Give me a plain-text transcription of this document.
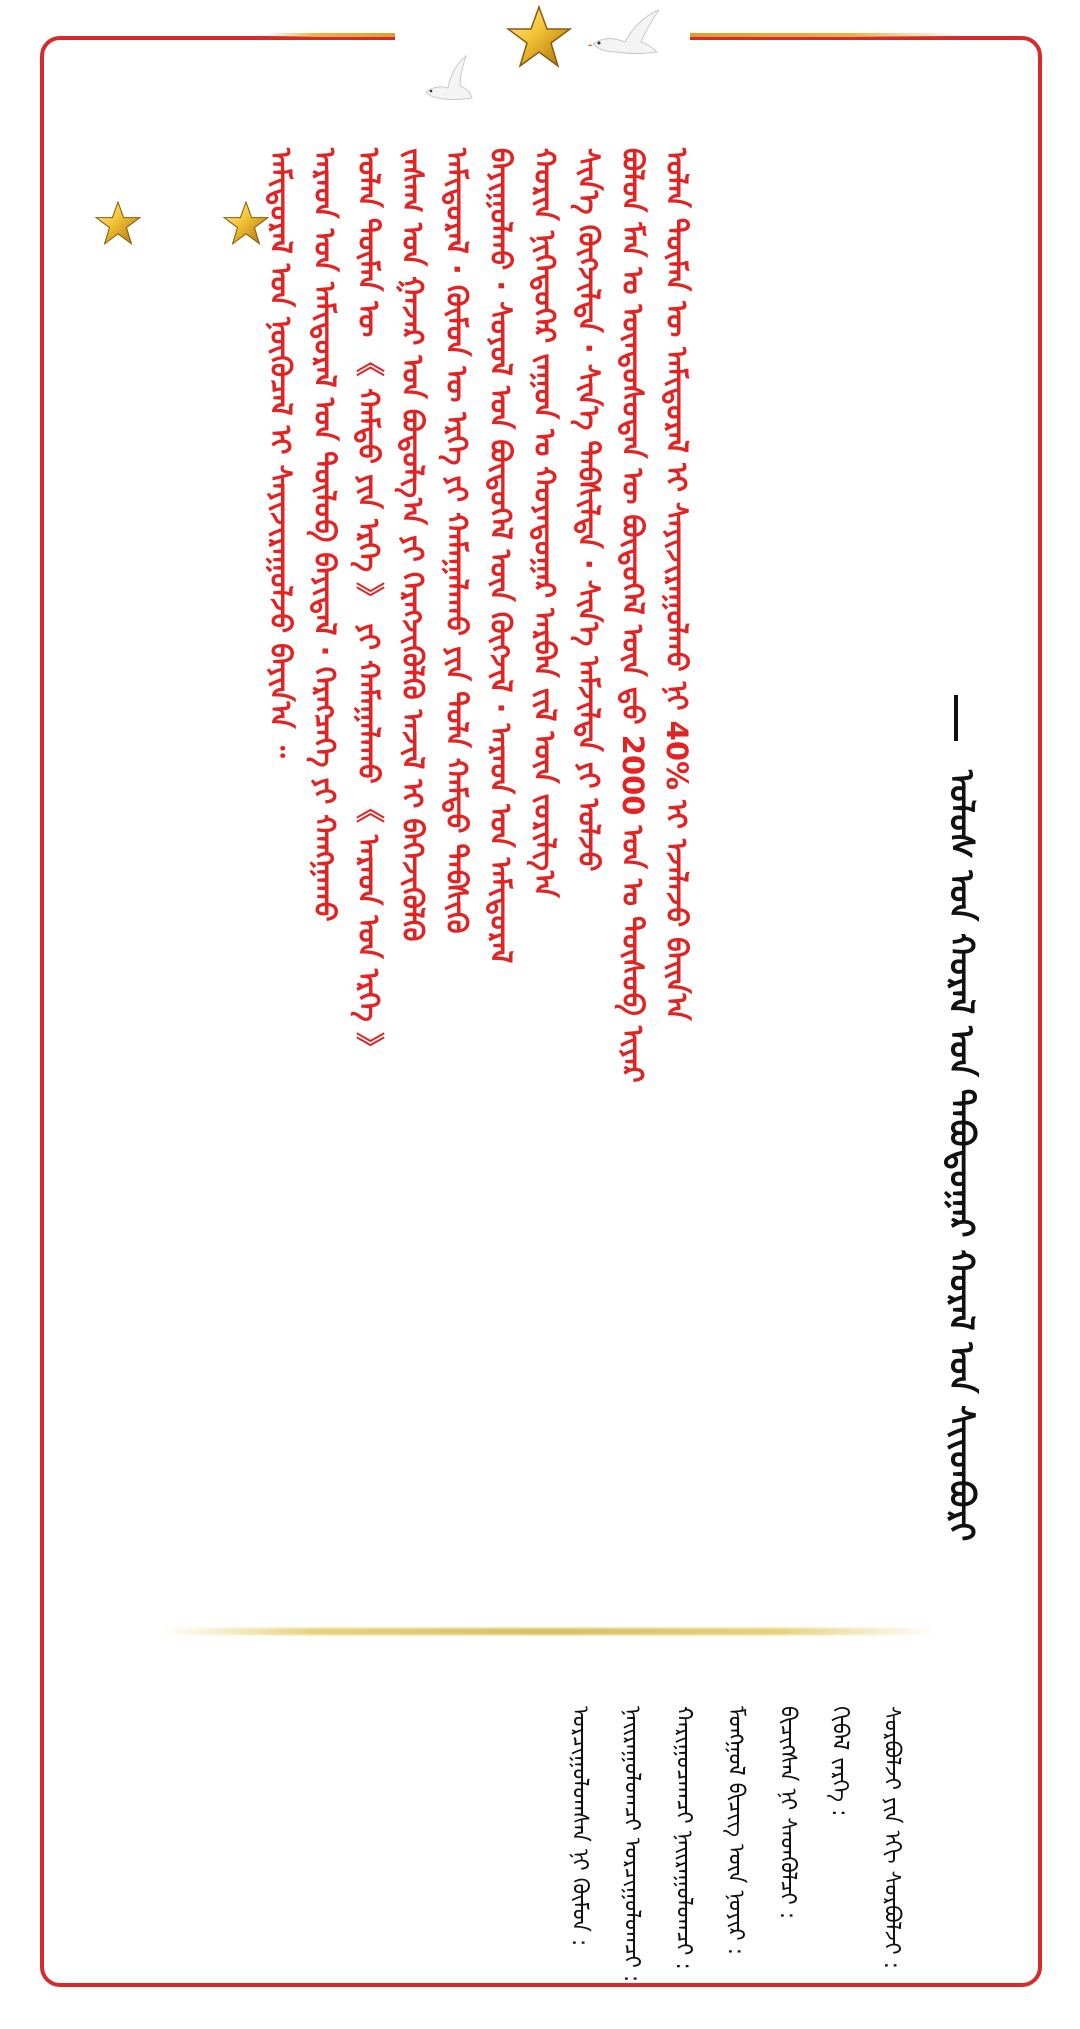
ᠤᠯᠤᠰ ᠤᠨ ᠬᠤᠷᠠᠯ ᠤᠨ ᠲᠠᠪᠤᠳᠤᠭᠠᠷ ᠬᠤᠷᠠᠯ ᠤᠨ ᠰᠢᠢᠳᠪᠦᠷᠢ
ᠣᠯᠠᠨ ᠲᠥᠮᠡᠨ ᠦ ᠠᠮᠢᠳᠤᠷᠠᠯ ᠢ ᠰᠠᠶᠢᠵᠢᠷᠠᠭᠤᠯᠬᠤ ᠨᠢ 40% ᠢ ᠡᠵᠡᠯᠡᠵᠦ ᠪᠠᠢᠨ᠎ᠠ
ᠪᠤᠯᠤᠨ ᠮᠠᠨ ᠤ ᠦᠨᠳᠦᠰᠦᠲᠡᠨ ᠦ ᠪᠦᠲᠦᠭᠡᠯ ᠦᠨ ᠳ᠋ᠤ 2000 ᠣᠨ ᠤ ᠲᠥᠰᠦᠪ ᠢᠶᠠᠷ
ᠰᠢᠨ᠎ᠡ ᠬᠥᠭᠵᠢᠯᠲᠡ · ᠰᠢᠨ᠎ᠡ ᠳᠡᠪᠰᠢᠯᠲᠡ · ᠰᠢᠨ᠎ᠡ ᠠᠮᠵᠢᠯᠲᠠ ᠶᠢ ᠣᠯᠵᠤ
ᠬᠣᠷᠢᠨ ᠨᠢᠭᠡᠳᠦᠭᠡᠷ ᠵᠠᠭᠤᠨ ᠤ ᠬᠣᠶᠠᠳᠤᠭᠠᠷ ᠠᠷᠪᠠᠨ ᠵᠢᠯ ᠦᠨ ᠵᠣᠷᠢᠯᠭ᠎ᠠ
ᠪᠠᠶᠢᠭᠤᠯᠬᠤ · ᠰᠣᠶᠤᠯ ᠤᠨ ᠪᠦᠲᠦᠭᠡᠯ ᠦᠨ ᠬᠥᠭᠵᠢᠯ · ᠠᠷᠠᠳ ᠤᠨ ᠠᠮᠢᠳᠤᠷᠠᠯ
ᠠᠮᠢᠳᠤᠷᠠᠯ · ᠬᠦᠮᠦᠨ ᠦ ᠡᠷᠬᠡ ᠶᠢ ᠬᠠᠮᠠᠭᠠᠯᠠᠬᠤ ᠶᠢᠨ ᠲᠤᠯᠠ ᠬᠠᠮᠲᠤ ᠳᠡᠪᠰᠢᠬᠦ
ᠵᠠᠰᠠᠭ ᠤᠨ ᠭᠠᠵᠠᠷ ᠤᠨ ᠪᠤᠳᠤᠯᠭ᠎ᠠ ᠶᠢ ᠬᠡᠷᠡᠭᠵᠢᠭᠦᠯᠬᠦ ᠠᠵᠢᠯ ᠢ ᠪᠡᠬᠡᠵᠢᠭᠦᠯᠬᠦ
ᠣᠯᠠᠨ ᠲᠥᠮᠡᠨ ᠦ 《 ᠬᠠᠮᠲᠤ ᠶᠢᠨ ᠡᠷᠬᠡ 》 ᠶᠢ ᠬᠠᠮᠠᠭᠠᠯᠠᠬᠤ 《 ᠠᠷᠠᠳ ᠤᠨ ᠡᠷᠬᠡ 》
ᠠᠷᠠᠳ ᠤᠨ ᠠᠮᠢᠳᠤᠷᠠᠯ ᠤᠨ ᠲᠥᠯᠦᠪ ᠪᠠᠶᠢᠳᠠᠯ · ᠬᠡᠷᠡᠭᠴᠡᠭᠡ ᠶᠢ ᠬᠠᠩᠭ᠋ᠠᠬᠤ
ᠠᠮᠢᠳᠤᠷᠠᠯ ᠤᠨ ᠨᠥᠬᠦᠴᠡᠯ ᠢ ᠰᠠᠶᠢᠵᠢᠷᠠᠭᠤᠯᠵᠤ ᠪᠠᠶᠢᠨ᠎ᠠ ᠃
ᠰᠤᠷᠪᠤᠯᠵᠢ ᠶᠢᠨ ᠡᠬᠢ ᠰᠤᠷᠪᠤᠯᠵᠢ :
ᠬᠢᠪᠡᠯ ᠵᠡᠷᠭᠡ :
ᠪᠢᠴᠢᠭᠰᠡᠨ ᠨᠢ ᠰᠡᠳᠬᠦᠯᠴᠢ :
ᠮᠣᠩᠭ᠋ᠤᠯ ᠪᠢᠴᠢᠭ ᠦᠨ ᠨᠣᠶᠢᠷ :
ᠬᠠᠷᠢᠭᠤᠴᠠᠭᠴᠢ ᠨᠠᠢᠷᠠᠭᠤᠯᠤᠭᠴᠢ :
ᠨᠠᠢᠷᠠᠭᠤᠯᠤᠭᠴᠢ ᠣᠷᠴᠢᠭᠤᠯᠤᠭᠴᠢ :
ᠣᠷᠴᠢᠭᠤᠯᠤᠭᠰᠠᠨ ᠨᠢ ᠬᠦᠮᠦᠨ :
